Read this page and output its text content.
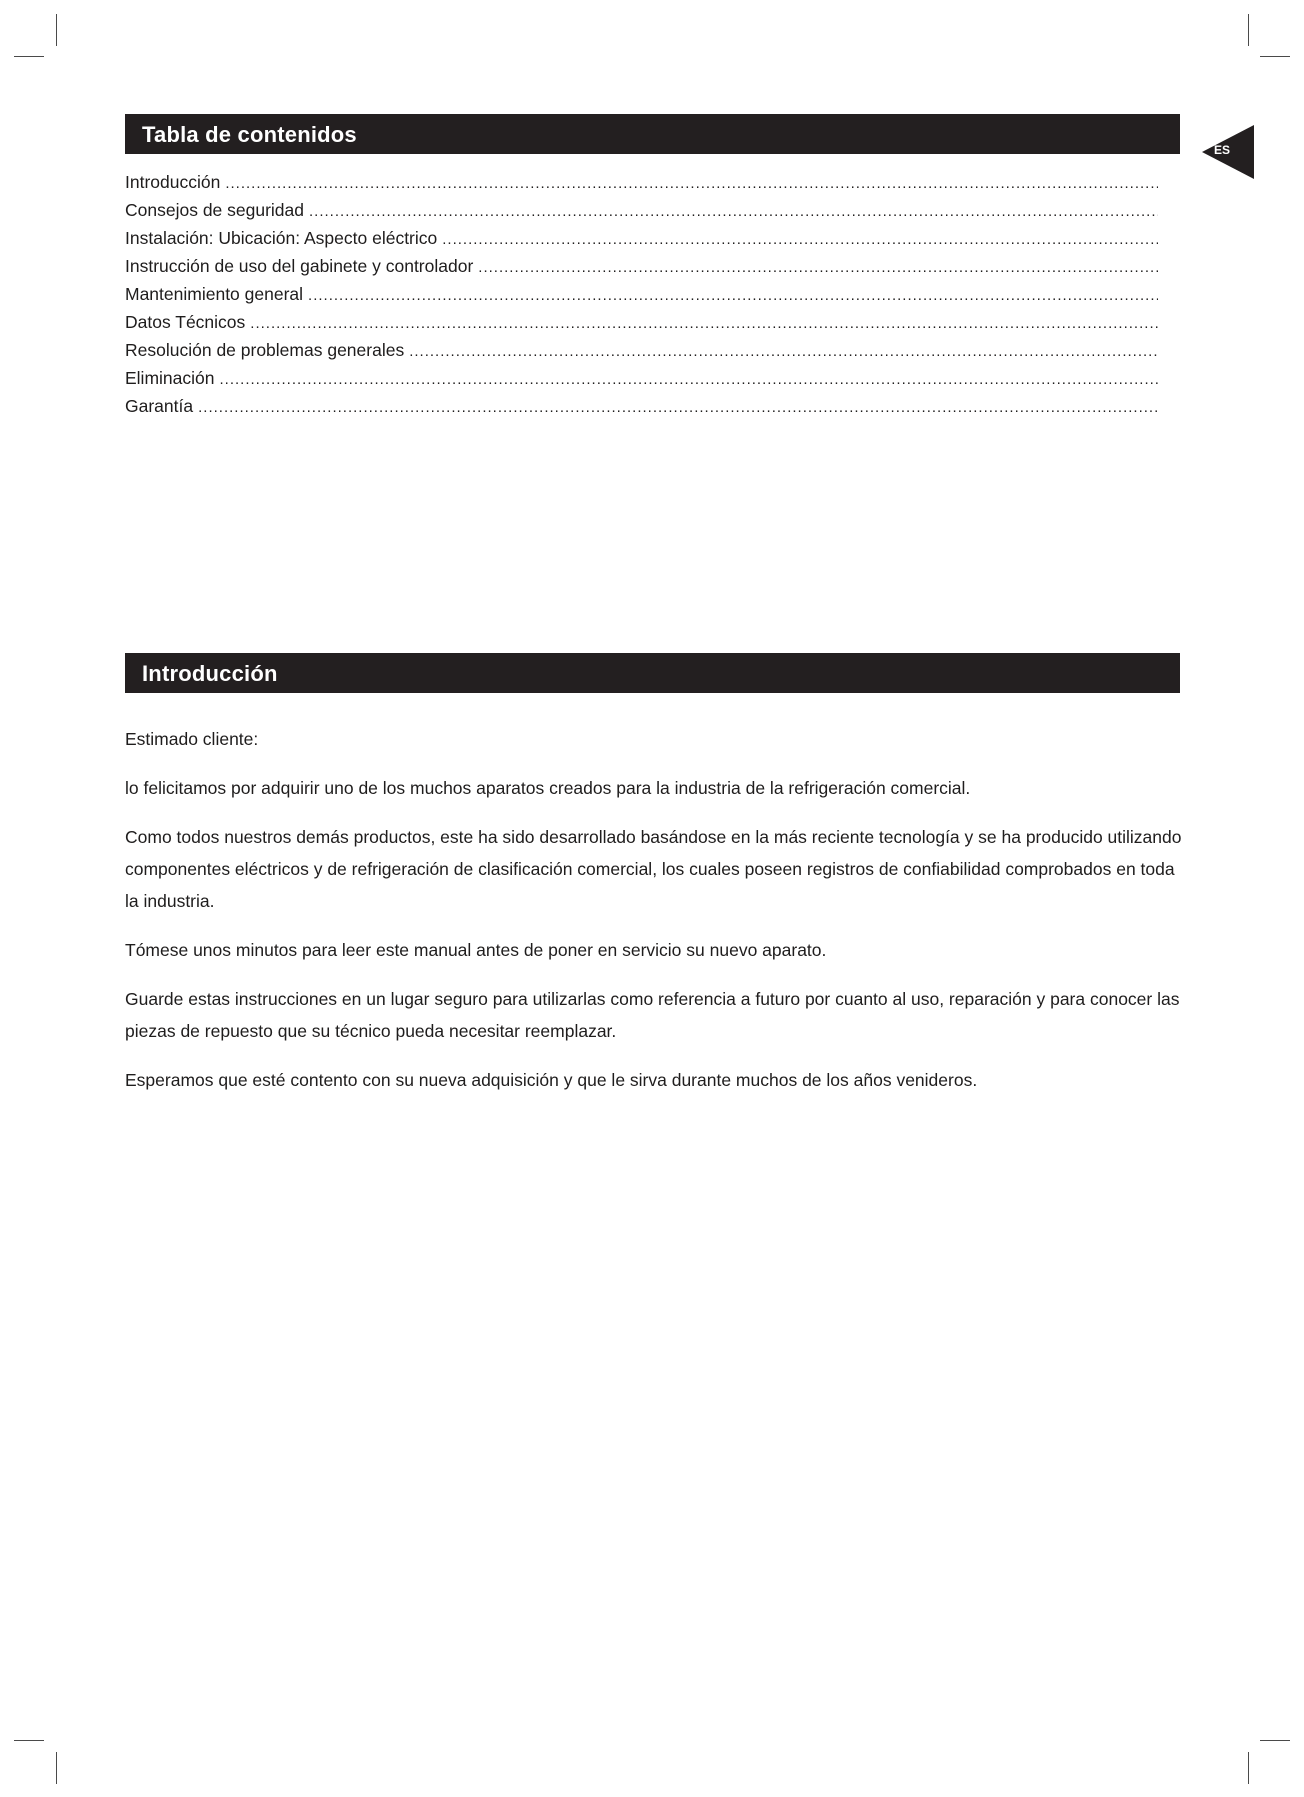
ES
Tabla de contenidos
Introducción
.....
Consejos de seguridad
.....
Instalación: Ubicación: Aspecto eléctrico
.....
Instrucción de uso del gabinete y controlador
.....
Mantenimiento general
.....
Datos Técnicos
.....
Resolución de problemas generales
.....
Eliminación
.....
Garantía
.....
Introducción

Estimado cliente:

lo felicitamos por adquirir uno de los muchos aparatos creados para la industria de la refrigeración comercial.

Como todos nuestros demás productos, este ha sido desarrollado basándose en la más reciente tecnología y se ha producido utilizando componentes eléctricos y de refrigeración de clasificación comercial, los cuales poseen registros de confiabilidad comprobados en toda la industria.

Tómese unos minutos para leer este manual antes de poner en servicio su nuevo aparato.

Guarde estas instrucciones en un lugar seguro para utilizarlas como referencia a futuro por cuanto al uso, reparación y para conocer las piezas de repuesto que su técnico pueda necesitar reemplazar.

Esperamos que esté contento con su nueva adquisición y que le sirva durante muchos de los años venideros.
